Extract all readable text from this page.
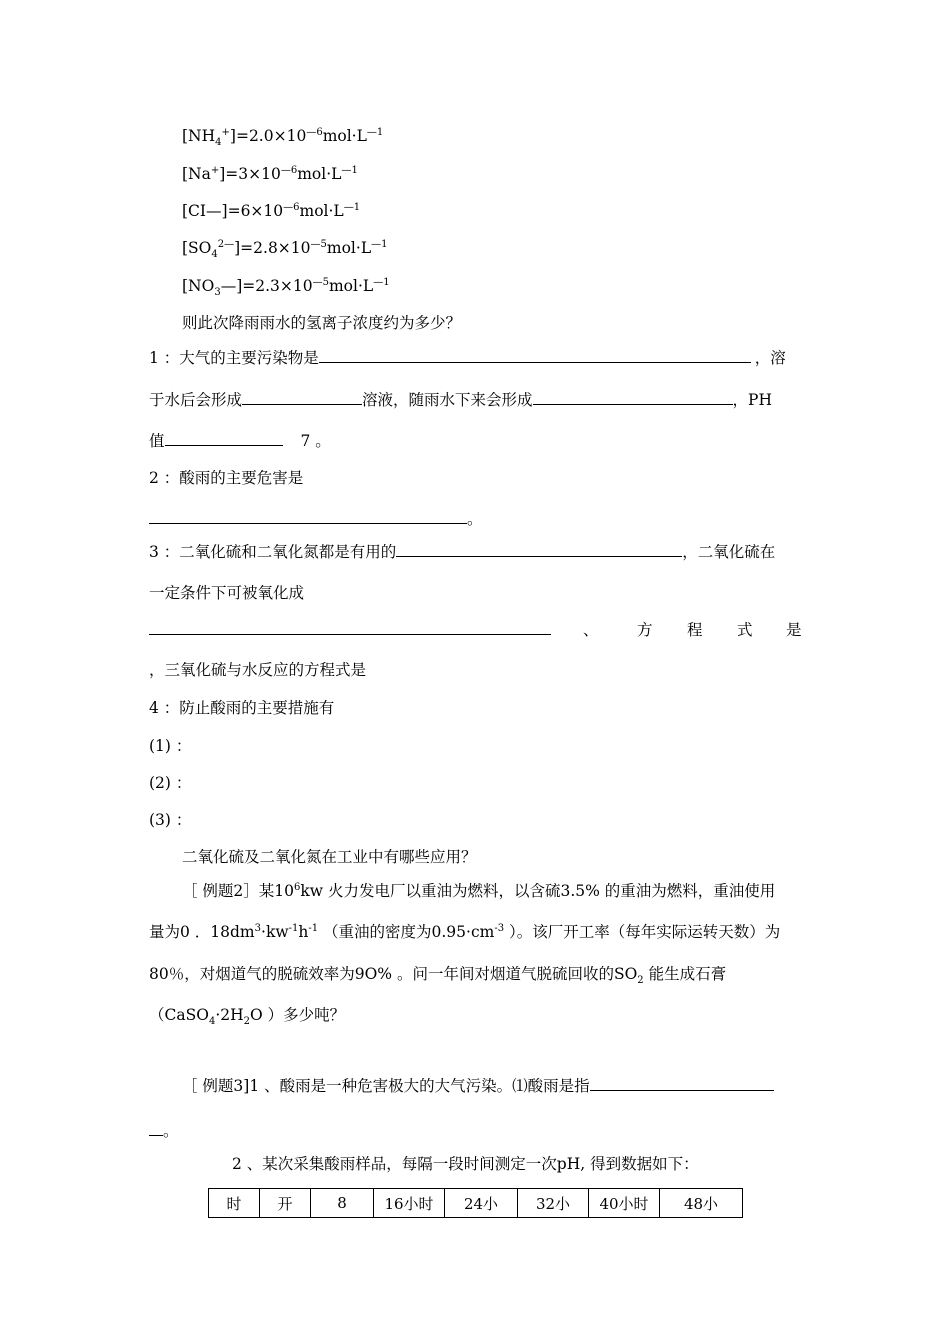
$[NH_4^+]=2.0\times 10^{—6}mol\cdot L^{—1}$
$[Na^+]=3\times 10^{—6}mol\cdot L^{—1}$
$[CI—]=6\times 10^{—6}mol\cdot L^{—1}$
$[SO_4^{2—}]=2.8\times 10^{—5}mol\cdot L^{—1}$
$[NO_3—]=2.3\times 10^{—5}mol\cdot L^{—1}$
则此次降雨雨水的氢离子浓度约为多少？
1 ：大气的主要污染物是	，溶
于水后会形成	溶液，随雨水下来会形成	，PH
值	7 。
2 ：酸雨的主要危害是
。
3 ：二氧化硫和二氧化氮都是有用的	，二氧化硫在
一定条件下可被氧化成
、 方 程 式 是
，三氧化硫与水反应的方程式是
4 ：防止酸雨的主要措施有
(1) ：
(2) ：
(3) ：
二氧化硫及二氧化氮在工业中有哪些应用？
［ 例题2］某$10^6kw$ 火力发电厂以重油为燃料，以含硫3.5% 的重油为燃料，重油使用
量为0 ．$18dm^3\cdot kw^{-1}h^{-1}$ （重油的密度为$0.95\cdot cm^{-3}$ ）。该厂开工率（每年实际运转天数）为
80％，对烟道气的脱硫效率为9O% 。问一年间对烟道气脱硫回收的$SO_2$ 能生成石膏
（$CaSO_4\cdot 2H_2O$ ）多少吨？
［ 例题3]1 、酸雨是一种危害极大的大气污染。⑴酸雨是指
。
2 、某次采集酸雨样品，每隔一段时间测定一次pH, 得到数据如下：
时	开	8	16小时	24小	32小	40小时	48小
